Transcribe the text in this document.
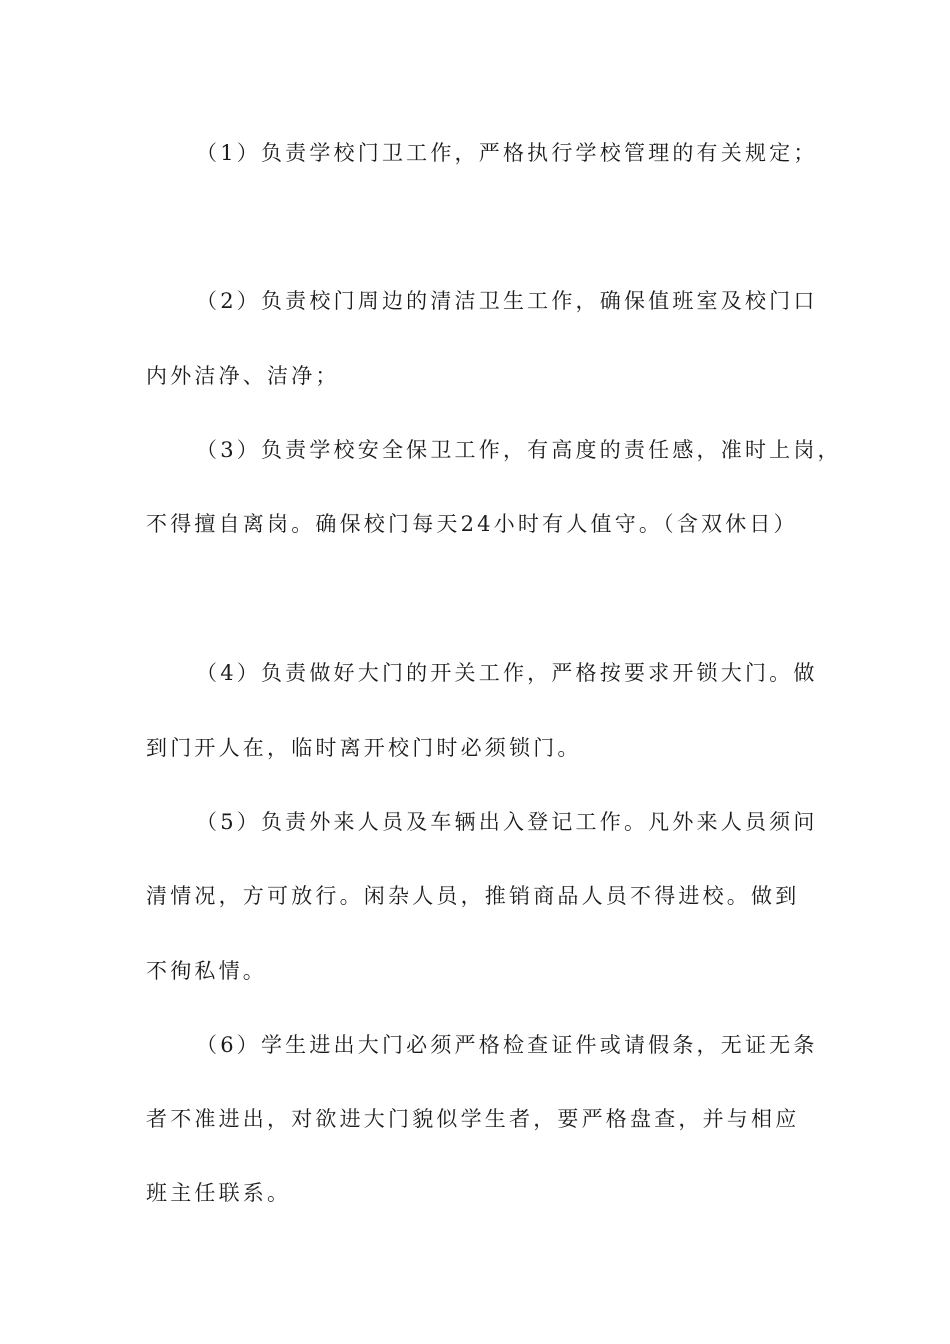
（1）负责学校门卫工作，严格执行学校管理的有关规定；
（2）负责校门周边的清洁卫生工作，确保值班室及校门口
内外洁净、洁净；
（3）负责学校安全保卫工作，有高度的责任感，准时上岗，
不得擅自离岗。确保校门每天24小时有人值守。（含双休日）
（4）负责做好大门的开关工作，严格按要求开锁大门。做
到门开人在，临时离开校门时必须锁门。
（5）负责外来人员及车辆出入登记工作。凡外来人员须问
清情况，方可放行。闲杂人员，推销商品人员不得进校。做到
不徇私情。
（6）学生进出大门必须严格检查证件或请假条，无证无条
者不准进出，对欲进大门貌似学生者，要严格盘查，并与相应
班主任联系。
